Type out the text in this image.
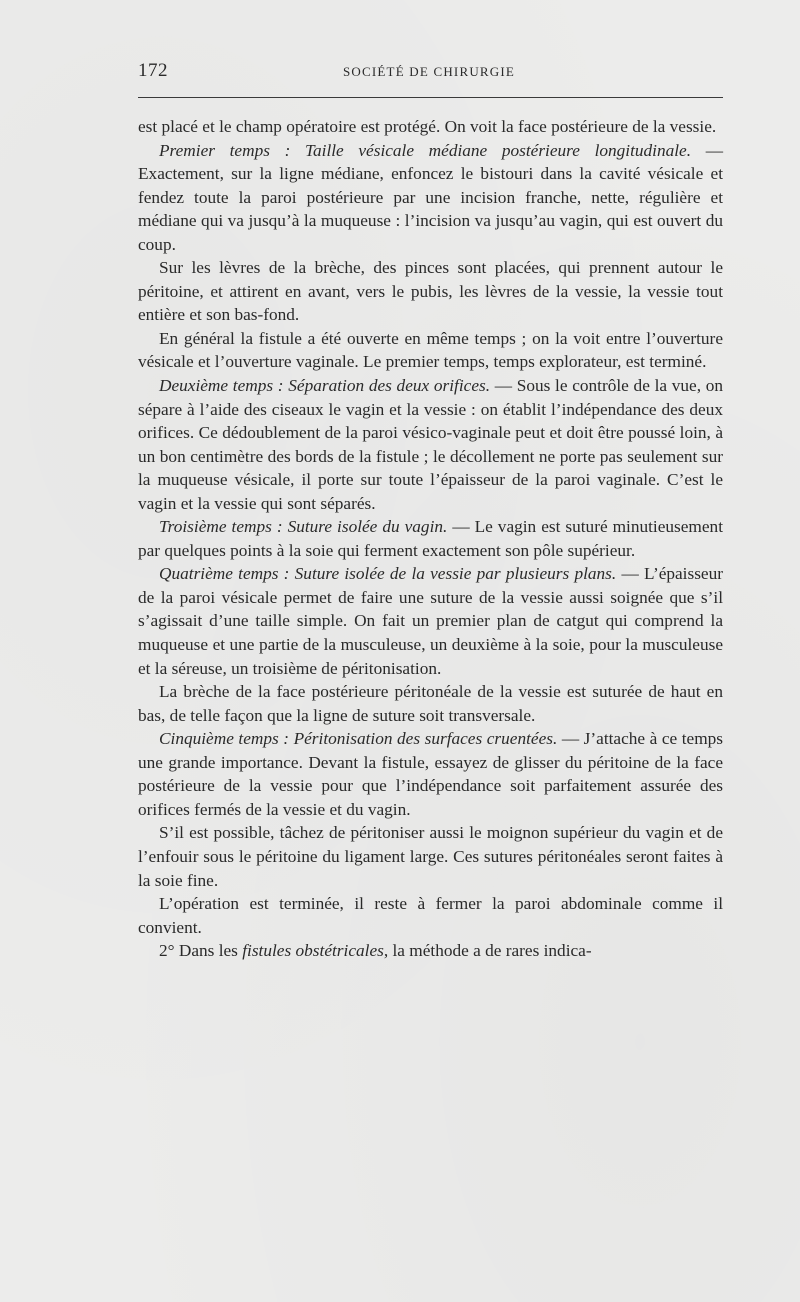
172	SOCIÉTÉ DE CHIRURGIE

est placé et le champ opératoire est protégé. On voit la face postérieure de la vessie.

Premier temps : Taille vésicale médiane postérieure longitudinale. — Exactement, sur la ligne médiane, enfoncez le bistouri dans la cavité vésicale et fendez toute la paroi postérieure par une incision franche, nette, régulière et médiane qui va jusqu’à la muqueuse : l’incision va jusqu’au vagin, qui est ouvert du coup.

Sur les lèvres de la brèche, des pinces sont placées, qui prennent autour le péritoine, et attirent en avant, vers le pubis, les lèvres de la vessie, la vessie tout entière et son bas-fond.

En général la fistule a été ouverte en même temps ; on la voit entre l’ouverture vésicale et l’ouverture vaginale. Le premier temps, temps explorateur, est terminé.

Deuxième temps : Séparation des deux orifices. — Sous le contrôle de la vue, on sépare à l’aide des ciseaux le vagin et la vessie : on établit l’indépendance des deux orifices. Ce dédoublement de la paroi vésico-vaginale peut et doit être poussé loin, à un bon centimètre des bords de la fistule ; le décollement ne porte pas seulement sur la muqueuse vésicale, il porte sur toute l’épaisseur de la paroi vaginale. C’est le vagin et la vessie qui sont séparés.

Troisième temps : Suture isolée du vagin. — Le vagin est suturé minutieusement par quelques points à la soie qui ferment exactement son pôle supérieur.

Quatrième temps : Suture isolée de la vessie par plusieurs plans. — L’épaisseur de la paroi vésicale permet de faire une suture de la vessie aussi soignée que s’il s’agissait d’une taille simple. On fait un premier plan de catgut qui comprend la muqueuse et une partie de la musculeuse, un deuxième à la soie, pour la musculeuse et la séreuse, un troisième de péritonisation.

La brèche de la face postérieure péritonéale de la vessie est suturée de haut en bas, de telle façon que la ligne de suture soit transversale.

Cinquième temps : Péritonisation des surfaces cruentées. — J’attache à ce temps une grande importance. Devant la fistule, essayez de glisser du péritoine de la face postérieure de la vessie pour que l’indépendance soit parfaitement assurée des orifices fermés de la vessie et du vagin.

S’il est possible, tâchez de péritoniser aussi le moignon supérieur du vagin et de l’enfouir sous le péritoine du ligament large. Ces sutures péritonéales seront faites à la soie fine.

L’opération est terminée, il reste à fermer la paroi abdominale comme il convient.

2° Dans les fistules obstétricales, la méthode a de rares indica-
